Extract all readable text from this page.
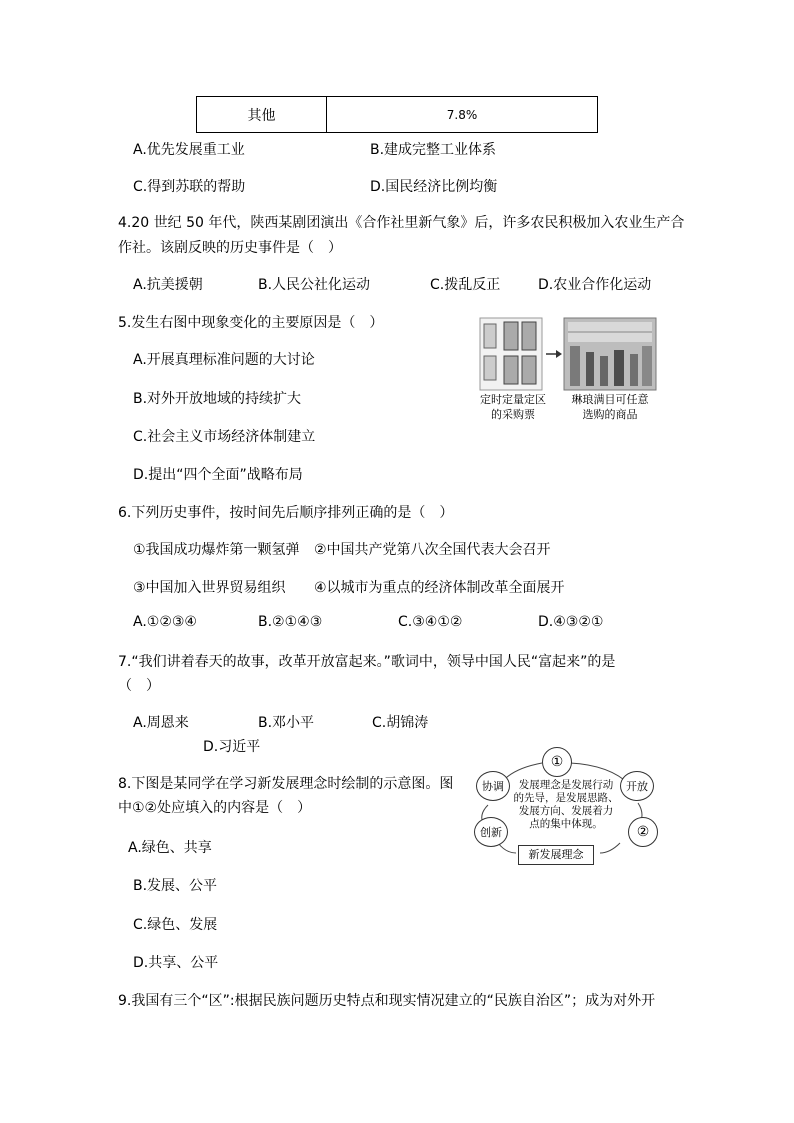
其他	7.8%
A.优先发展重工业	B.建成完整工业体系
C.得到苏联的帮助	D.国民经济比例均衡
4.20 世纪 50 年代，陕西某剧团演出《合作社里新气象》后，许多农民积极加入农业生产合
作社。该剧反映的历史事件是（　）
A.抗美援朝	B.人民公社化运动	C.拨乱反正	D.农业合作化运动
5.发生右图中现象变化的主要原因是（　）
A.开展真理标准问题的大讨论
B.对外开放地域的持续扩大
C.社会主义市场经济体制建立
D.提出“四个全面”战略布局
定时定量定区
的采购票
琳琅满目可任意
选购的商品
6.下列历史事件，按时间先后顺序排列正确的是（　）
①我国成功爆炸第一颗氢弹 ②中国共产党第八次全国代表大会召开
③中国加入世界贸易组织 ④以城市为重点的经济体制改革全面展开
A.①②③④	B.②①④③	C.③④①②	D.④③②①
7.“我们讲着春天的故事，改革开放富起来。”歌词中，领导中国人民“富起来”的是
（　）
A.周恩来	B.邓小平	C.胡锦涛
D.习近平
8.下图是某同学在学习新发展理念时绘制的示意图。图
中①②处应填入的内容是（　）
A.绿色、共享
B.发展、公平
C.绿色、发展
D.共享、公平
①
开放
协调
创新	②
发展理念是发展行动
的先导，是发展思路、
发展方向、发展着力
点的集中体现。
新发展理念
9.我国有三个“区”:根据民族问题历史特点和现实情况建立的“民族自治区”；成为对外开
